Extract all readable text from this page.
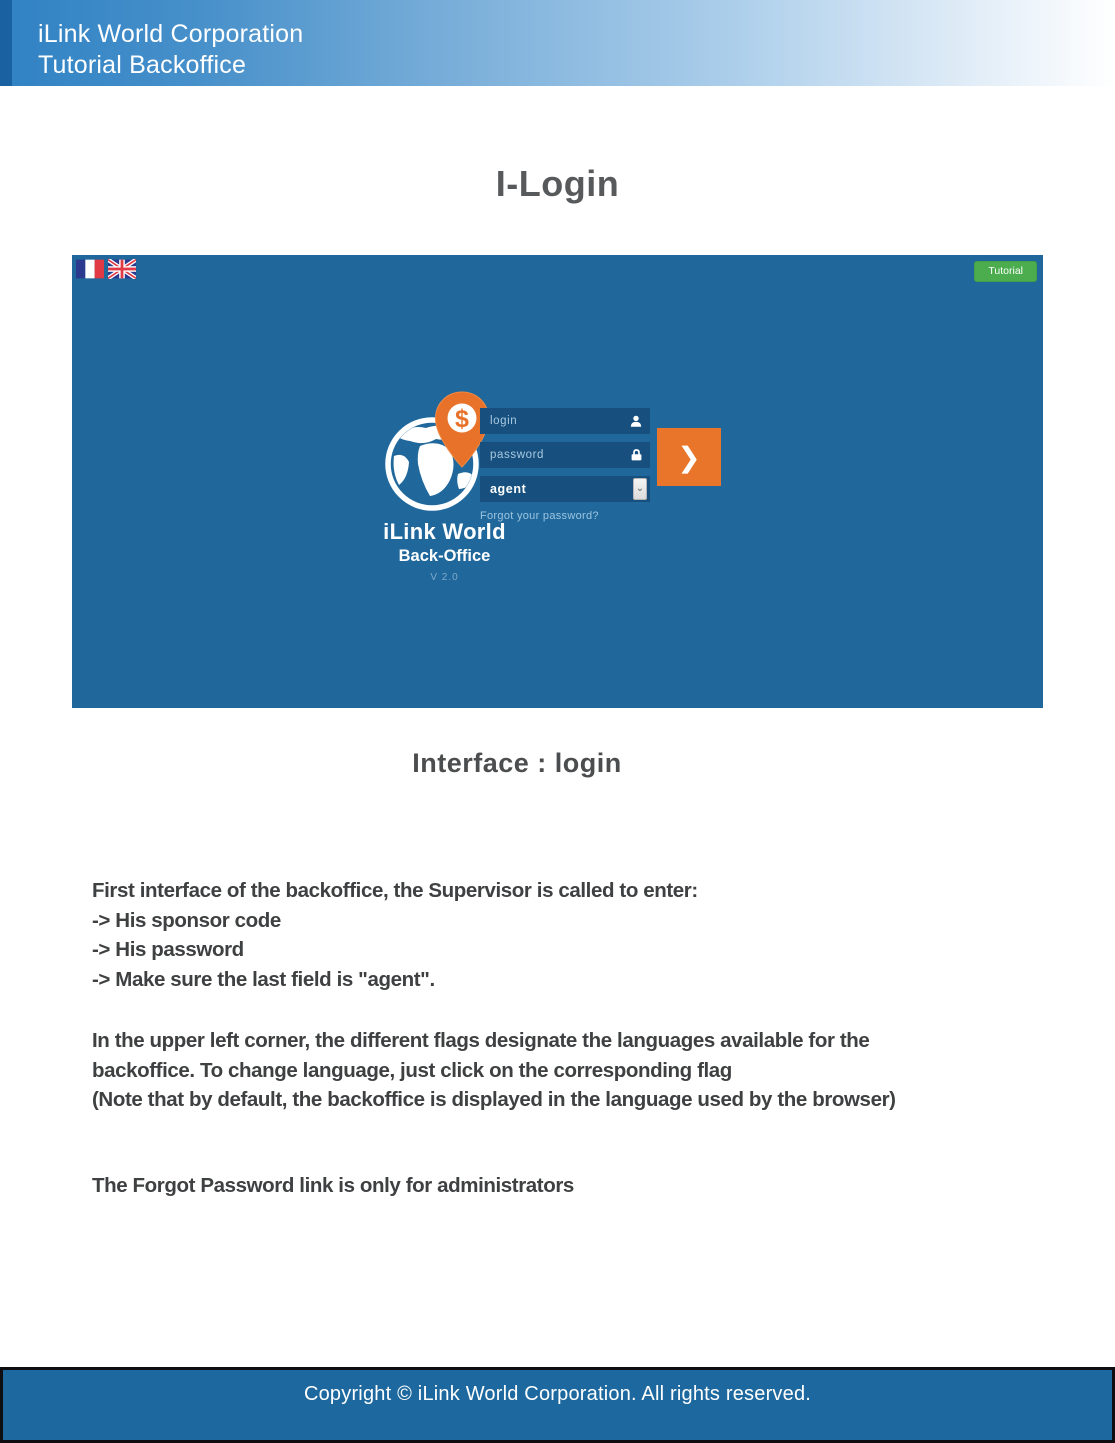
iLink World Corporation
Tutorial Backoffice
I-Login
Tutorial
$
iLink World
Back-Office
V 2.0
login
password
agent	⌄
Forgot your password?
❯
Interface : login
First interface of the backoffice, the Supervisor is called to enter:
-> His sponsor code
-> His password
-> Make sure the last field is "agent".
In the upper left corner, the different flags designate the languages available for the
backoffice. To change language, just click on the corresponding flag
(Note that by default, the backoffice is displayed in the language used by the browser)
The Forgot Password link is only for administrators
Copyright © iLink World Corporation. All rights reserved.
